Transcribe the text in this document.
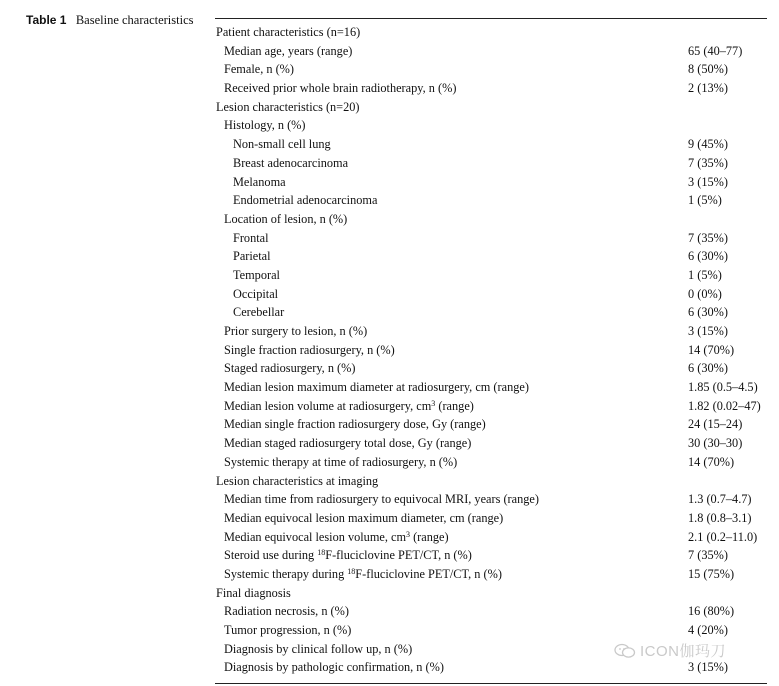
Table 1 Baseline characteristics
Patient characteristics (n=16)
Median age, years (range)	65 (40–77)
Female, n (%)	8 (50%)
Received prior whole brain radiotherapy, n (%)	2 (13%)
Lesion characteristics (n=20)
Histology, n (%)
Non-small cell lung	9 (45%)
Breast adenocarcinoma	7 (35%)
Melanoma	3 (15%)
Endometrial adenocarcinoma	1 (5%)
Location of lesion, n (%)
Frontal	7 (35%)
Parietal	6 (30%)
Temporal	1 (5%)
Occipital	0 (0%)
Cerebellar	6 (30%)
Prior surgery to lesion, n (%)	3 (15%)
Single fraction radiosurgery, n (%)	14 (70%)
Staged radiosurgery, n (%)	6 (30%)
Median lesion maximum diameter at radiosurgery, cm (range)	1.85 (0.5–4.5)
Median lesion volume at radiosurgery, $cm^3$ (range)	1.82 (0.02–47)
Median single fraction radiosurgery dose, Gy (range)	24 (15–24)
Median staged radiosurgery total dose, Gy (range)	30 (30–30)
Systemic therapy at time of radiosurgery, n (%)	14 (70%)
Lesion characteristics at imaging
Median time from radiosurgery to equivocal MRI, years (range)	1.3 (0.7–4.7)
Median equivocal lesion maximum diameter, cm (range)	1.8 (0.8–3.1)
Median equivocal lesion volume, $cm^3$ (range)	2.1 (0.2–11.0)
Steroid use during $^{18}$F-fluciclovine PET/CT, n (%)	7 (35%)
Systemic therapy during $^{18}$F-fluciclovine PET/CT, n (%)	15 (75%)
Final diagnosis
Radiation necrosis, n (%)	16 (80%)
Tumor progression, n (%)	4 (20%)
Diagnosis by clinical follow up, n (%)
Diagnosis by pathologic confirmation, n (%)	3 (15%)
ICON伽玛刀
